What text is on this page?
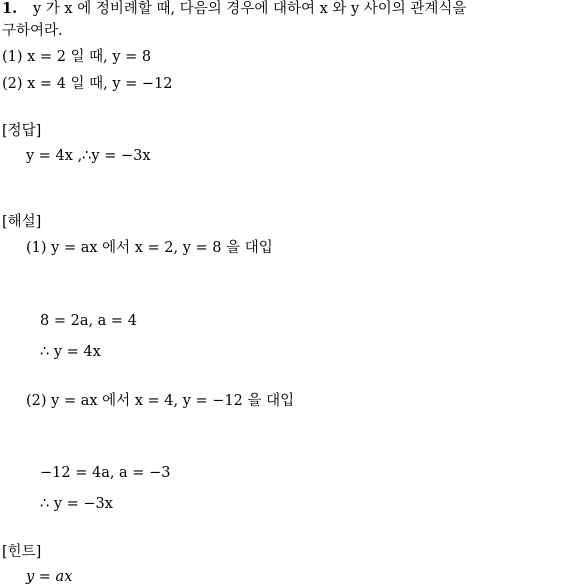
1. y 가 x 에 정비례할 때, 다음의 경우에 대하여 x 와 y 사이의 관계식을
구하여라.
(1) x = 2 일 때, y = 8
(2) x = 4 일 때, y = −12
[정답]
y = 4x ,∴y = −3x
[해설]
(1) y = ax 에서 x = 2, y = 8 을 대입
8 = 2a, a = 4
∴ y = 4x
(2) y = ax 에서 x = 4, y = −12 을 대입
−12 = 4a, a = −3
∴ y = −3x
[힌트]
y = ax
